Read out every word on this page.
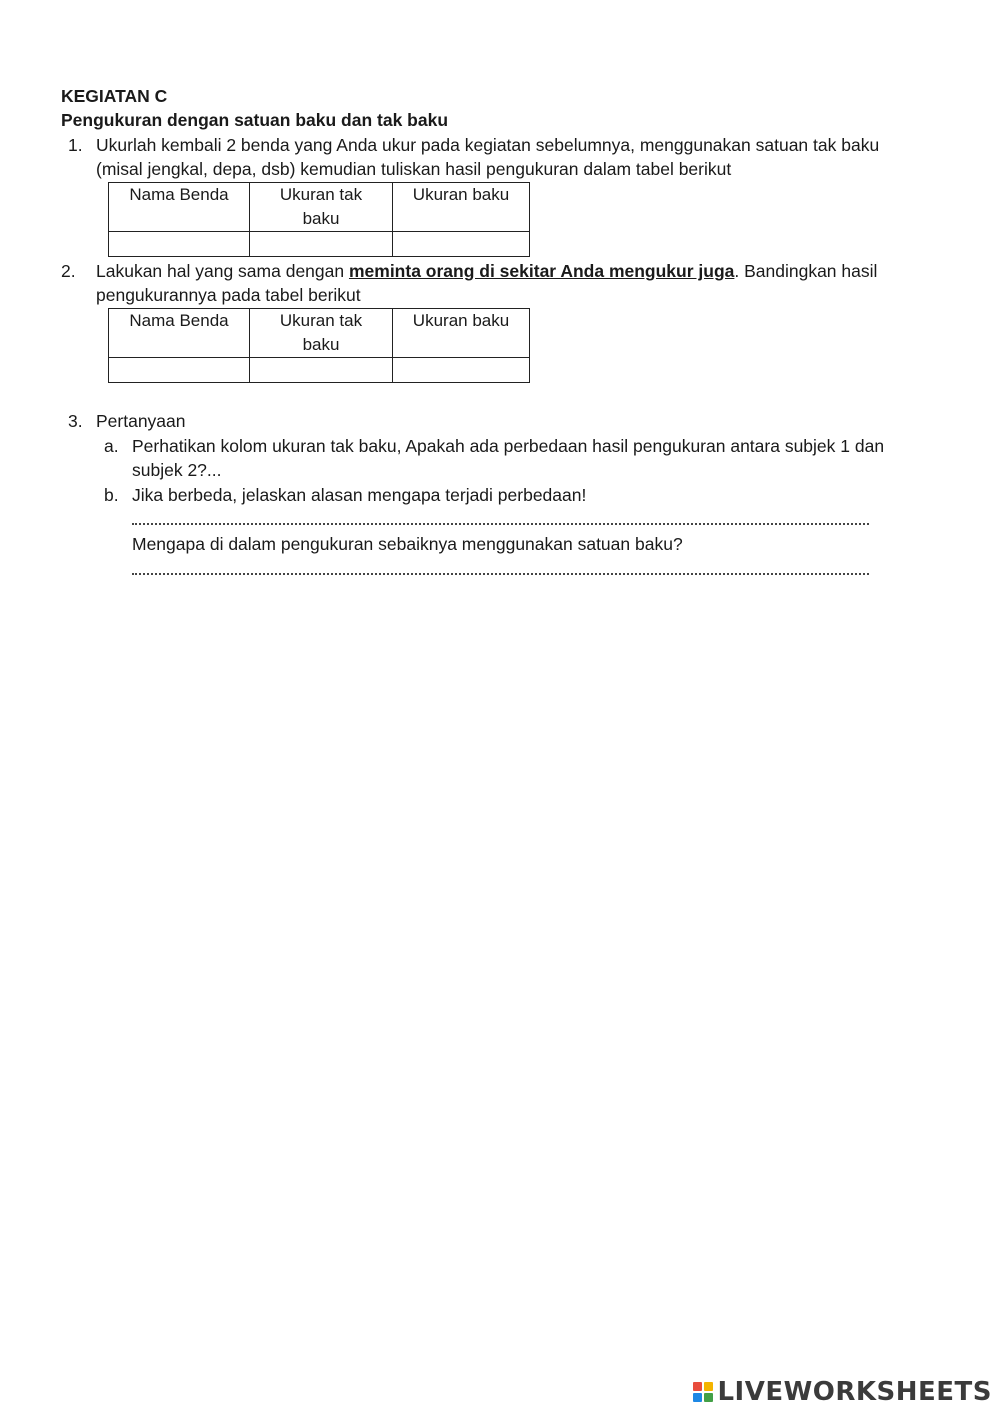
KEGIATAN C
Pengukuran dengan satuan baku dan tak baku
1. Ukurlah kembali 2 benda yang Anda ukur pada kegiatan sebelumnya, menggunakan satuan tak baku
(misal jengkal, depa, dsb) kemudian tuliskan hasil pengukuran dalam tabel berikut
Nama Benda	Ukuran tak baku	Ukuran baku

2. Lakukan hal yang sama dengan meminta orang di sekitar Anda mengukur juga. Bandingkan hasil
pengukurannya pada tabel berikut
Nama Benda	Ukuran tak baku	Ukuran baku

3. Pertanyaan
a. Perhatikan kolom ukuran tak baku, Apakah ada perbedaan hasil pengukuran antara subjek 1 dan
subjek 2?...
b. Jika berbeda, jelaskan alasan mengapa terjadi perbedaan!
Mengapa di dalam pengukuran sebaiknya menggunakan satuan baku?
LIVEWORKSHEETS
